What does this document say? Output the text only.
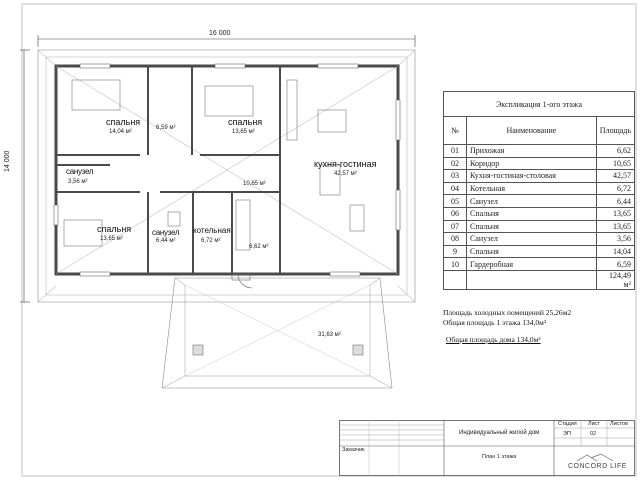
16 000
14 000
спальня
14,04 м²
6,59 м²
спальня
13,65 м²
кухня-гостиная
42,57 м²
санузел
3,56 м²	10,65 м²
спальня
13,65 м²
санузел
6,44 м²
котельная
6,72 м²
6,62 м²
31,63 м²
Экспликация 1-ого этажа		
№	Наименование	Площадь
01	Прихожая	6,62
02	Коридор	10,65
03	Кухня-гостиная-столовая	42,57
04	Котельная	6,72
05	Санузел	6,44
06	Спальня	13,65
07	Спальня	13,65
08	Санузел	3,56
9	Спальня	14,04
10	Гардеробная	6,59
		124,49 м²
Площадь холодных помещений 25,26м2
Общая площадь 1 этажа 134,0м²
Общая площадь дома 134,0м²
Индивидуальный жилой дом
План 1 этажа
Заказчик
Стадия Лист Листов
ЭП	02
CONCORD LIFE
